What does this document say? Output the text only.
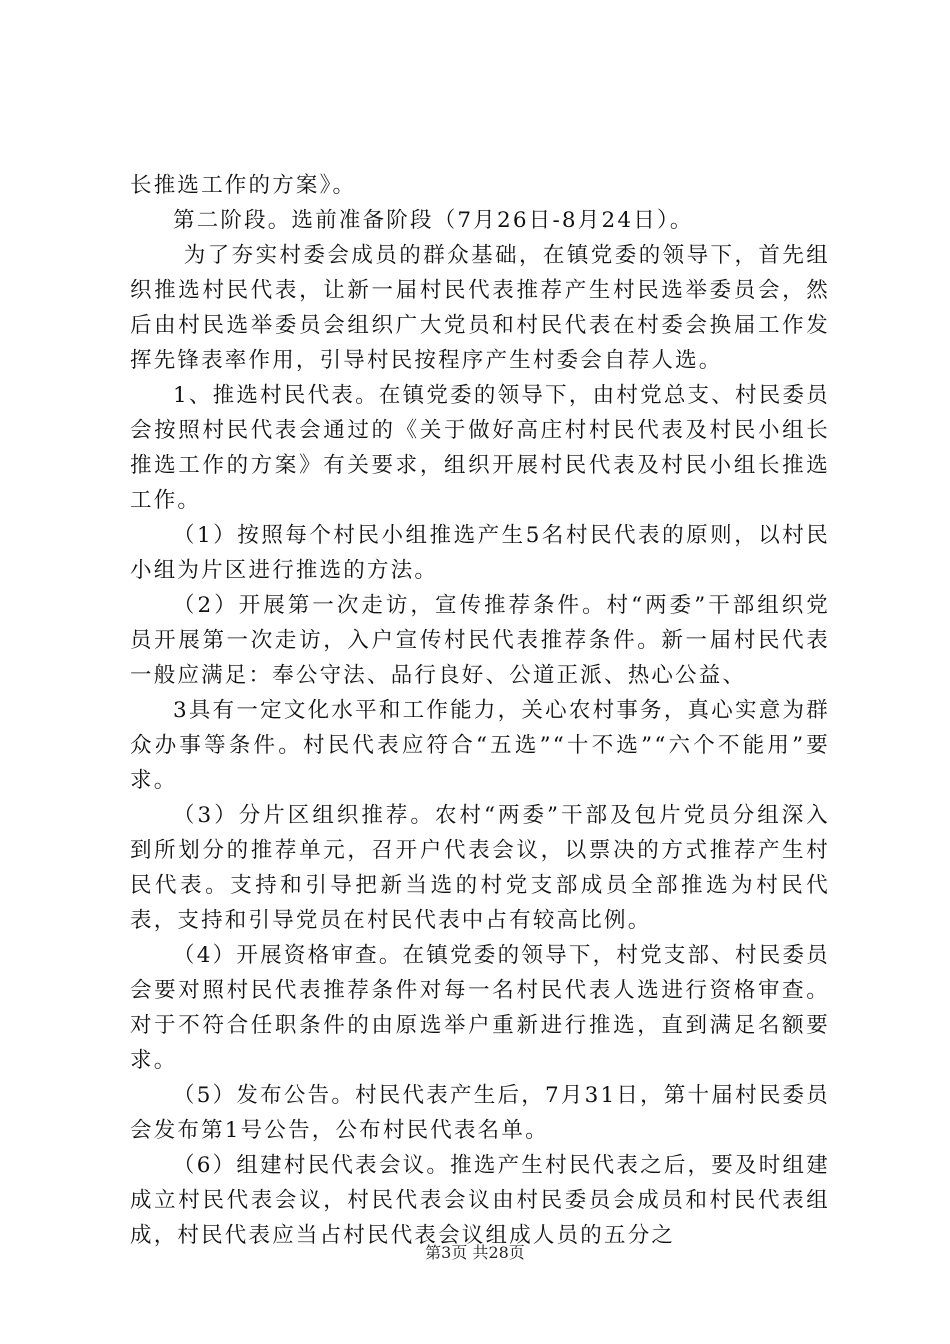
长推选工作的方案》。

第二阶段。选前准备阶段（7月26日-8月24日）。

为了夯实村委会成员的群众基础，在镇党委的领导下，首先组织推选村民代表，让新一届村民代表推荐产生村民选举委员会，然后由村民选举委员会组织广大党员和村民代表在村委会换届工作发挥先锋表率作用，引导村民按程序产生村委会自荐人选。

1、推选村民代表。在镇党委的领导下，由村党总支、村民委员会按照村民代表会通过的《关于做好高庄村村民代表及村民小组长推选工作的方案》有关要求，组织开展村民代表及村民小组长推选工作。

（1）按照每个村民小组推选产生5名村民代表的原则，以村民小组为片区进行推选的方法。

（2）开展第一次走访，宣传推荐条件。村“两委”干部组织党员开展第一次走访，入户宣传村民代表推荐条件。新一届村民代表一般应满足：奉公守法、品行良好、公道正派、热心公益、

3具有一定文化水平和工作能力，关心农村事务，真心实意为群众办事等条件。村民代表应符合“五选”“十不选”“六个不能用”要求。

（3）分片区组织推荐。农村“两委”干部及包片党员分组深入到所划分的推荐单元，召开户代表会议，以票决的方式推荐产生村民代表。支持和引导把新当选的村党支部成员全部推选为村民代表，支持和引导党员在村民代表中占有较高比例。

（4）开展资格审查。在镇党委的领导下，村党支部、村民委员会要对照村民代表推荐条件对每一名村民代表人选进行资格审查。对于不符合任职条件的由原选举户重新进行推选，直到满足名额要求。

（5）发布公告。村民代表产生后，7月31日，第十届村民委员会发布第1号公告，公布村民代表名单。

（6）组建村民代表会议。推选产生村民代表之后，要及时组建成立村民代表会议，村民代表会议由村民委员会成员和村民代表组成，村民代表应当占村民代表会议组成人员的五分之

第3页 共28页
